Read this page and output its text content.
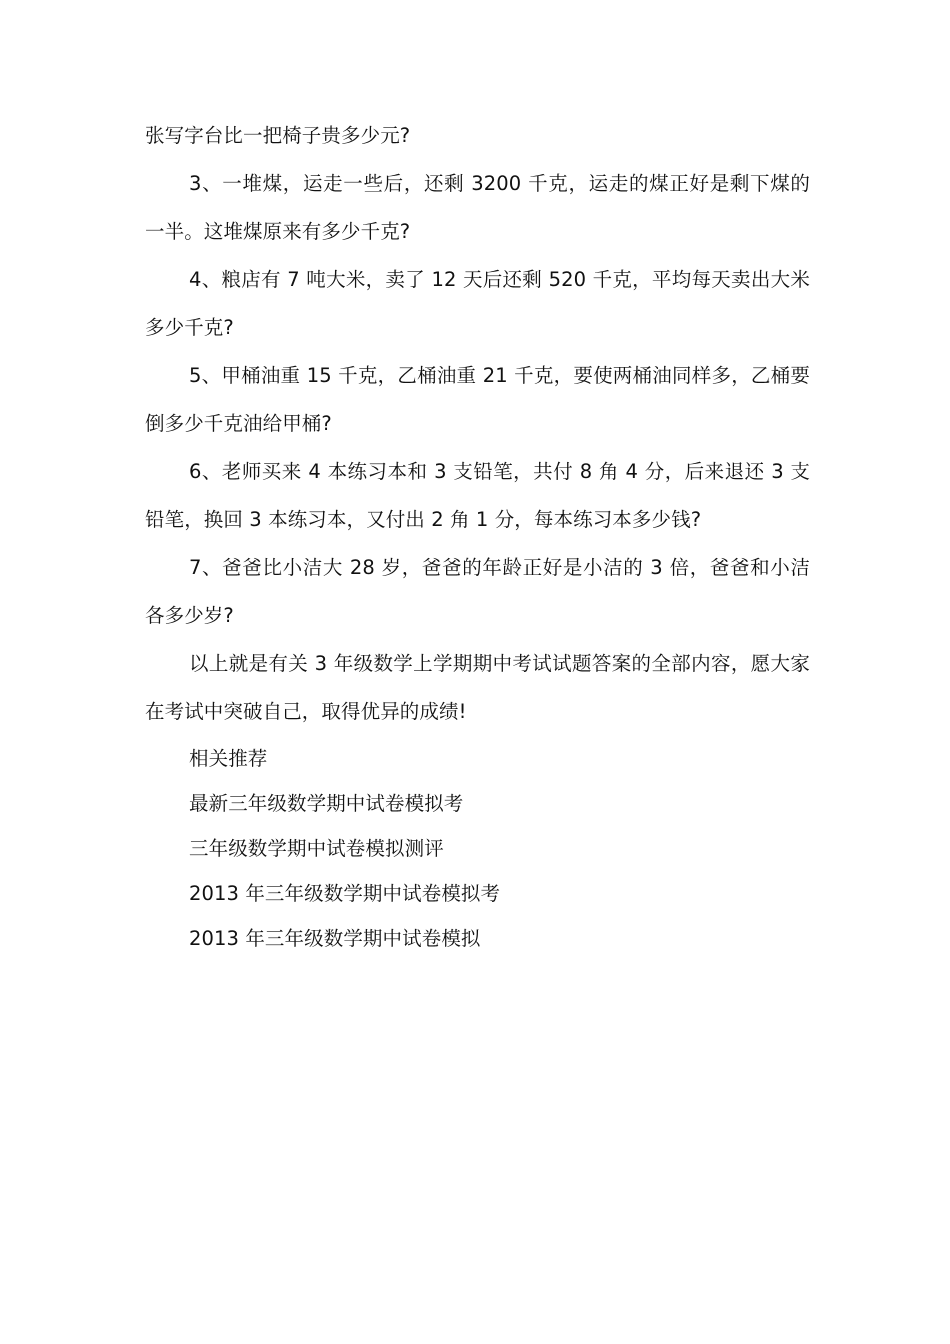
张写字台比一把椅子贵多少元?

3、一堆煤，运走一些后，还剩 3200 千克，运走的煤正好是剩下煤的一半。这堆煤原来有多少千克?

4、粮店有 7 吨大米，卖了 12 天后还剩 520 千克，平均每天卖出大米多少千克?

5、甲桶油重 15 千克，乙桶油重 21 千克，要使两桶油同样多，乙桶要倒多少千克油给甲桶?

6、老师买来 4 本练习本和 3 支铅笔，共付 8 角 4 分，后来退还 3 支铅笔，换回 3 本练习本，又付出 2 角 1 分，每本练习本多少钱?

7、爸爸比小洁大 28 岁，爸爸的年龄正好是小洁的 3 倍，爸爸和小洁各多少岁?

以上就是有关 3 年级数学上学期期中考试试题答案的全部内容，愿大家在考试中突破自己，取得优异的成绩!

相关推荐

最新三年级数学期中试卷模拟考

三年级数学期中试卷模拟测评

2013 年三年级数学期中试卷模拟考

2013 年三年级数学期中试卷模拟
